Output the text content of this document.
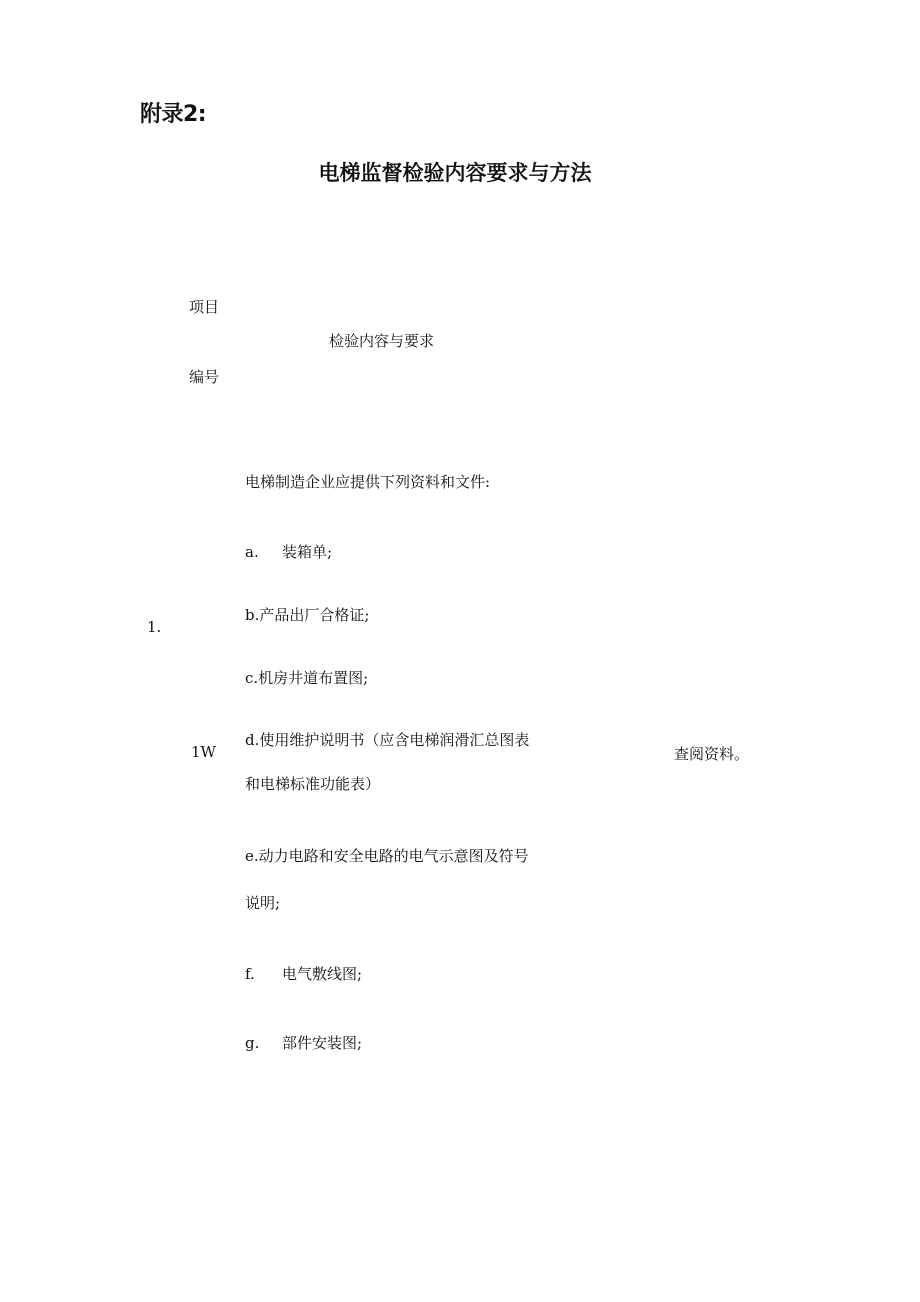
附录2:
电梯监督检验内容要求与方法
项目
检验内容与要求
编号
1.
1W	查阅资料。
电梯制造企业应提供下列资料和文件:
a. 装箱单;
b.产品出厂合格证;
c.机房井道布置图;
d.使用维护说明书（应含电梯润滑汇总图表
和电梯标准功能表）
e.动力电路和安全电路的电气示意图及符号
说明;
f. 电气敷线图;
g. 部件安装图;
